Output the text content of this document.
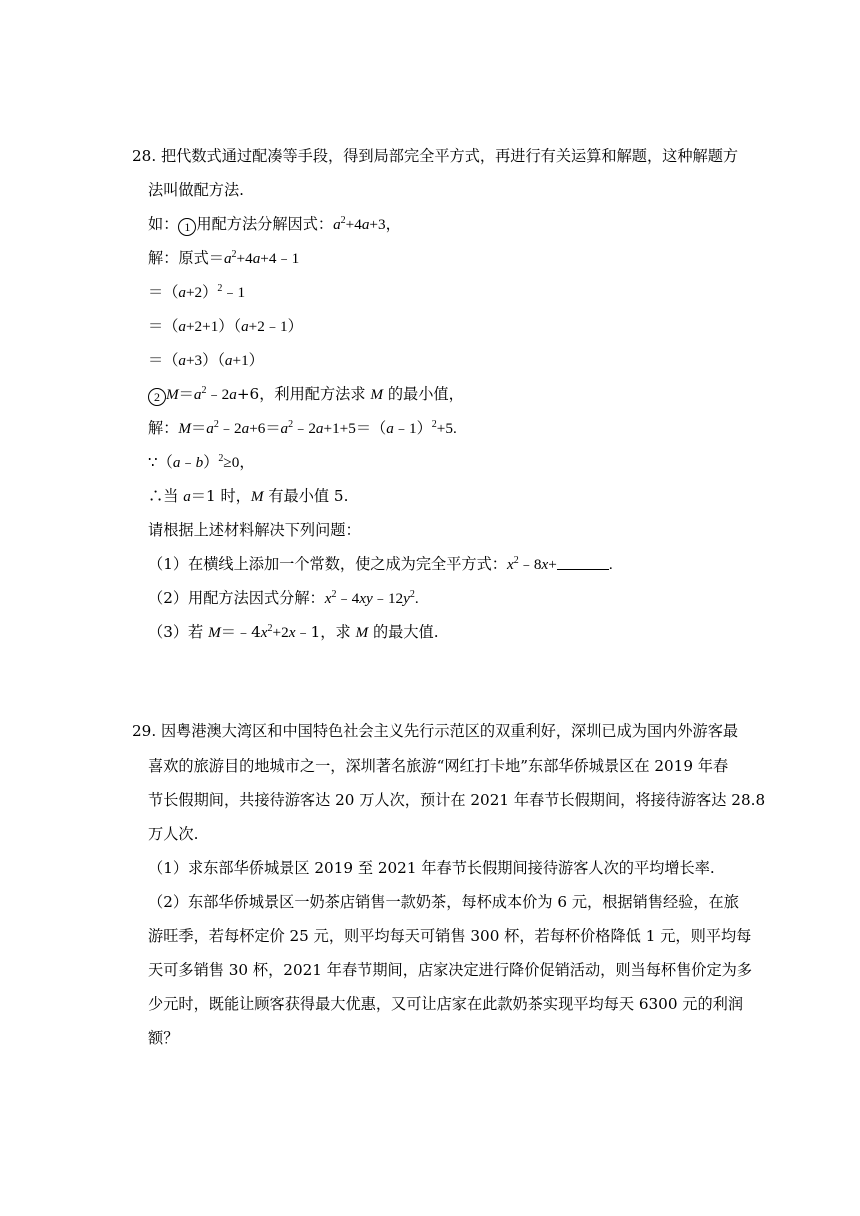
28. 把代数式通过配凑等手段，得到局部完全平方式，再进行有关运算和解题，这种解题方
法叫做配方法.
如： 1 用配方法分解因式：$a^2+4a+3$，
解：原式$=a^2+4a+4﹣1$
$=(a+2)^2﹣1$
＝（a+2+1）（a+2﹣1）
＝（a+3）（a+1）
2 $M=a^2﹣2a+6$，利用配方法求 M 的最小值，
解：$M=a^2﹣2a+6=a^2﹣2a+1+5=(a﹣1)^2+5$.
∵（a﹣b）$^2$≥0，
∴当 a＝1 时，M 有最小值 5.
请根据上述材料解决下列问题：
（1）在横线上添加一个常数，使之成为完全平方式：$x^2﹣8x+$	.
（2）用配方法因式分解：$x^2﹣4xy﹣12y^2$.
（3）若 $M=﹣4x^2+2x﹣1$，求 M 的最大值.
29. 因粤港澳大湾区和中国特色社会主义先行示范区的双重利好，深圳已成为国内外游客最
喜欢的旅游目的地城市之一，深圳著名旅游“网红打卡地”东部华侨城景区在 2019 年春
节长假期间，共接待游客达 20 万人次，预计在 2021 年春节长假期间，将接待游客达 28.8
万人次.
（1）求东部华侨城景区 2019 至 2021 年春节长假期间接待游客人次的平均增长率.
（2）东部华侨城景区一奶茶店销售一款奶茶，每杯成本价为 6 元，根据销售经验，在旅
游旺季，若每杯定价 25 元，则平均每天可销售 300 杯，若每杯价格降低 1 元，则平均每
天可多销售 30 杯，2021 年春节期间，店家决定进行降价促销活动，则当每杯售价定为多
少元时，既能让顾客获得最大优惠，又可让店家在此款奶茶实现平均每天 6300 元的利润
额？
